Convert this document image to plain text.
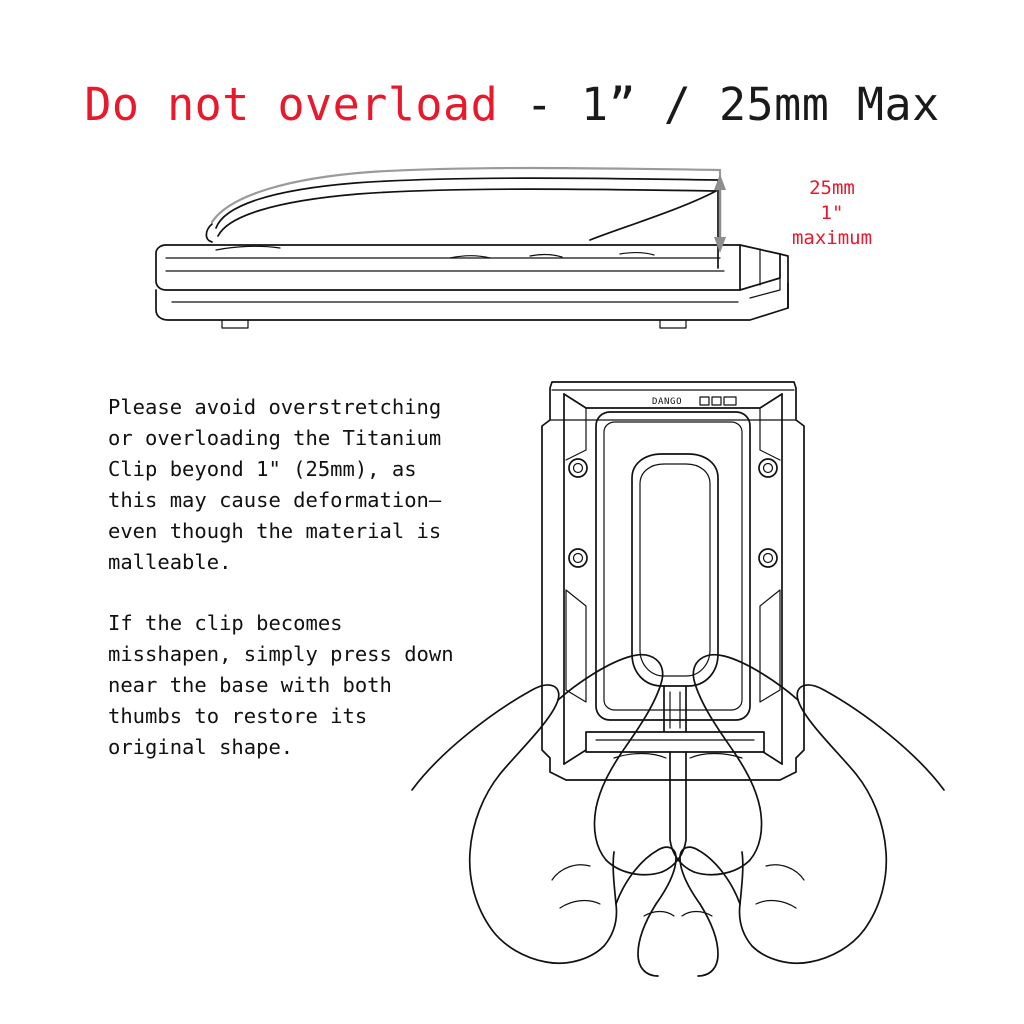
Do not overload - 1” / 25mm Max
25mm
1"
maximum

Please avoid overstretching or overloading the Titanium Clip beyond 1" (25mm), as this may cause deformation—even though the material is malleable.

If the clip becomes misshapen, simply press down near the base with both thumbs to restore its original shape.

DANGO
